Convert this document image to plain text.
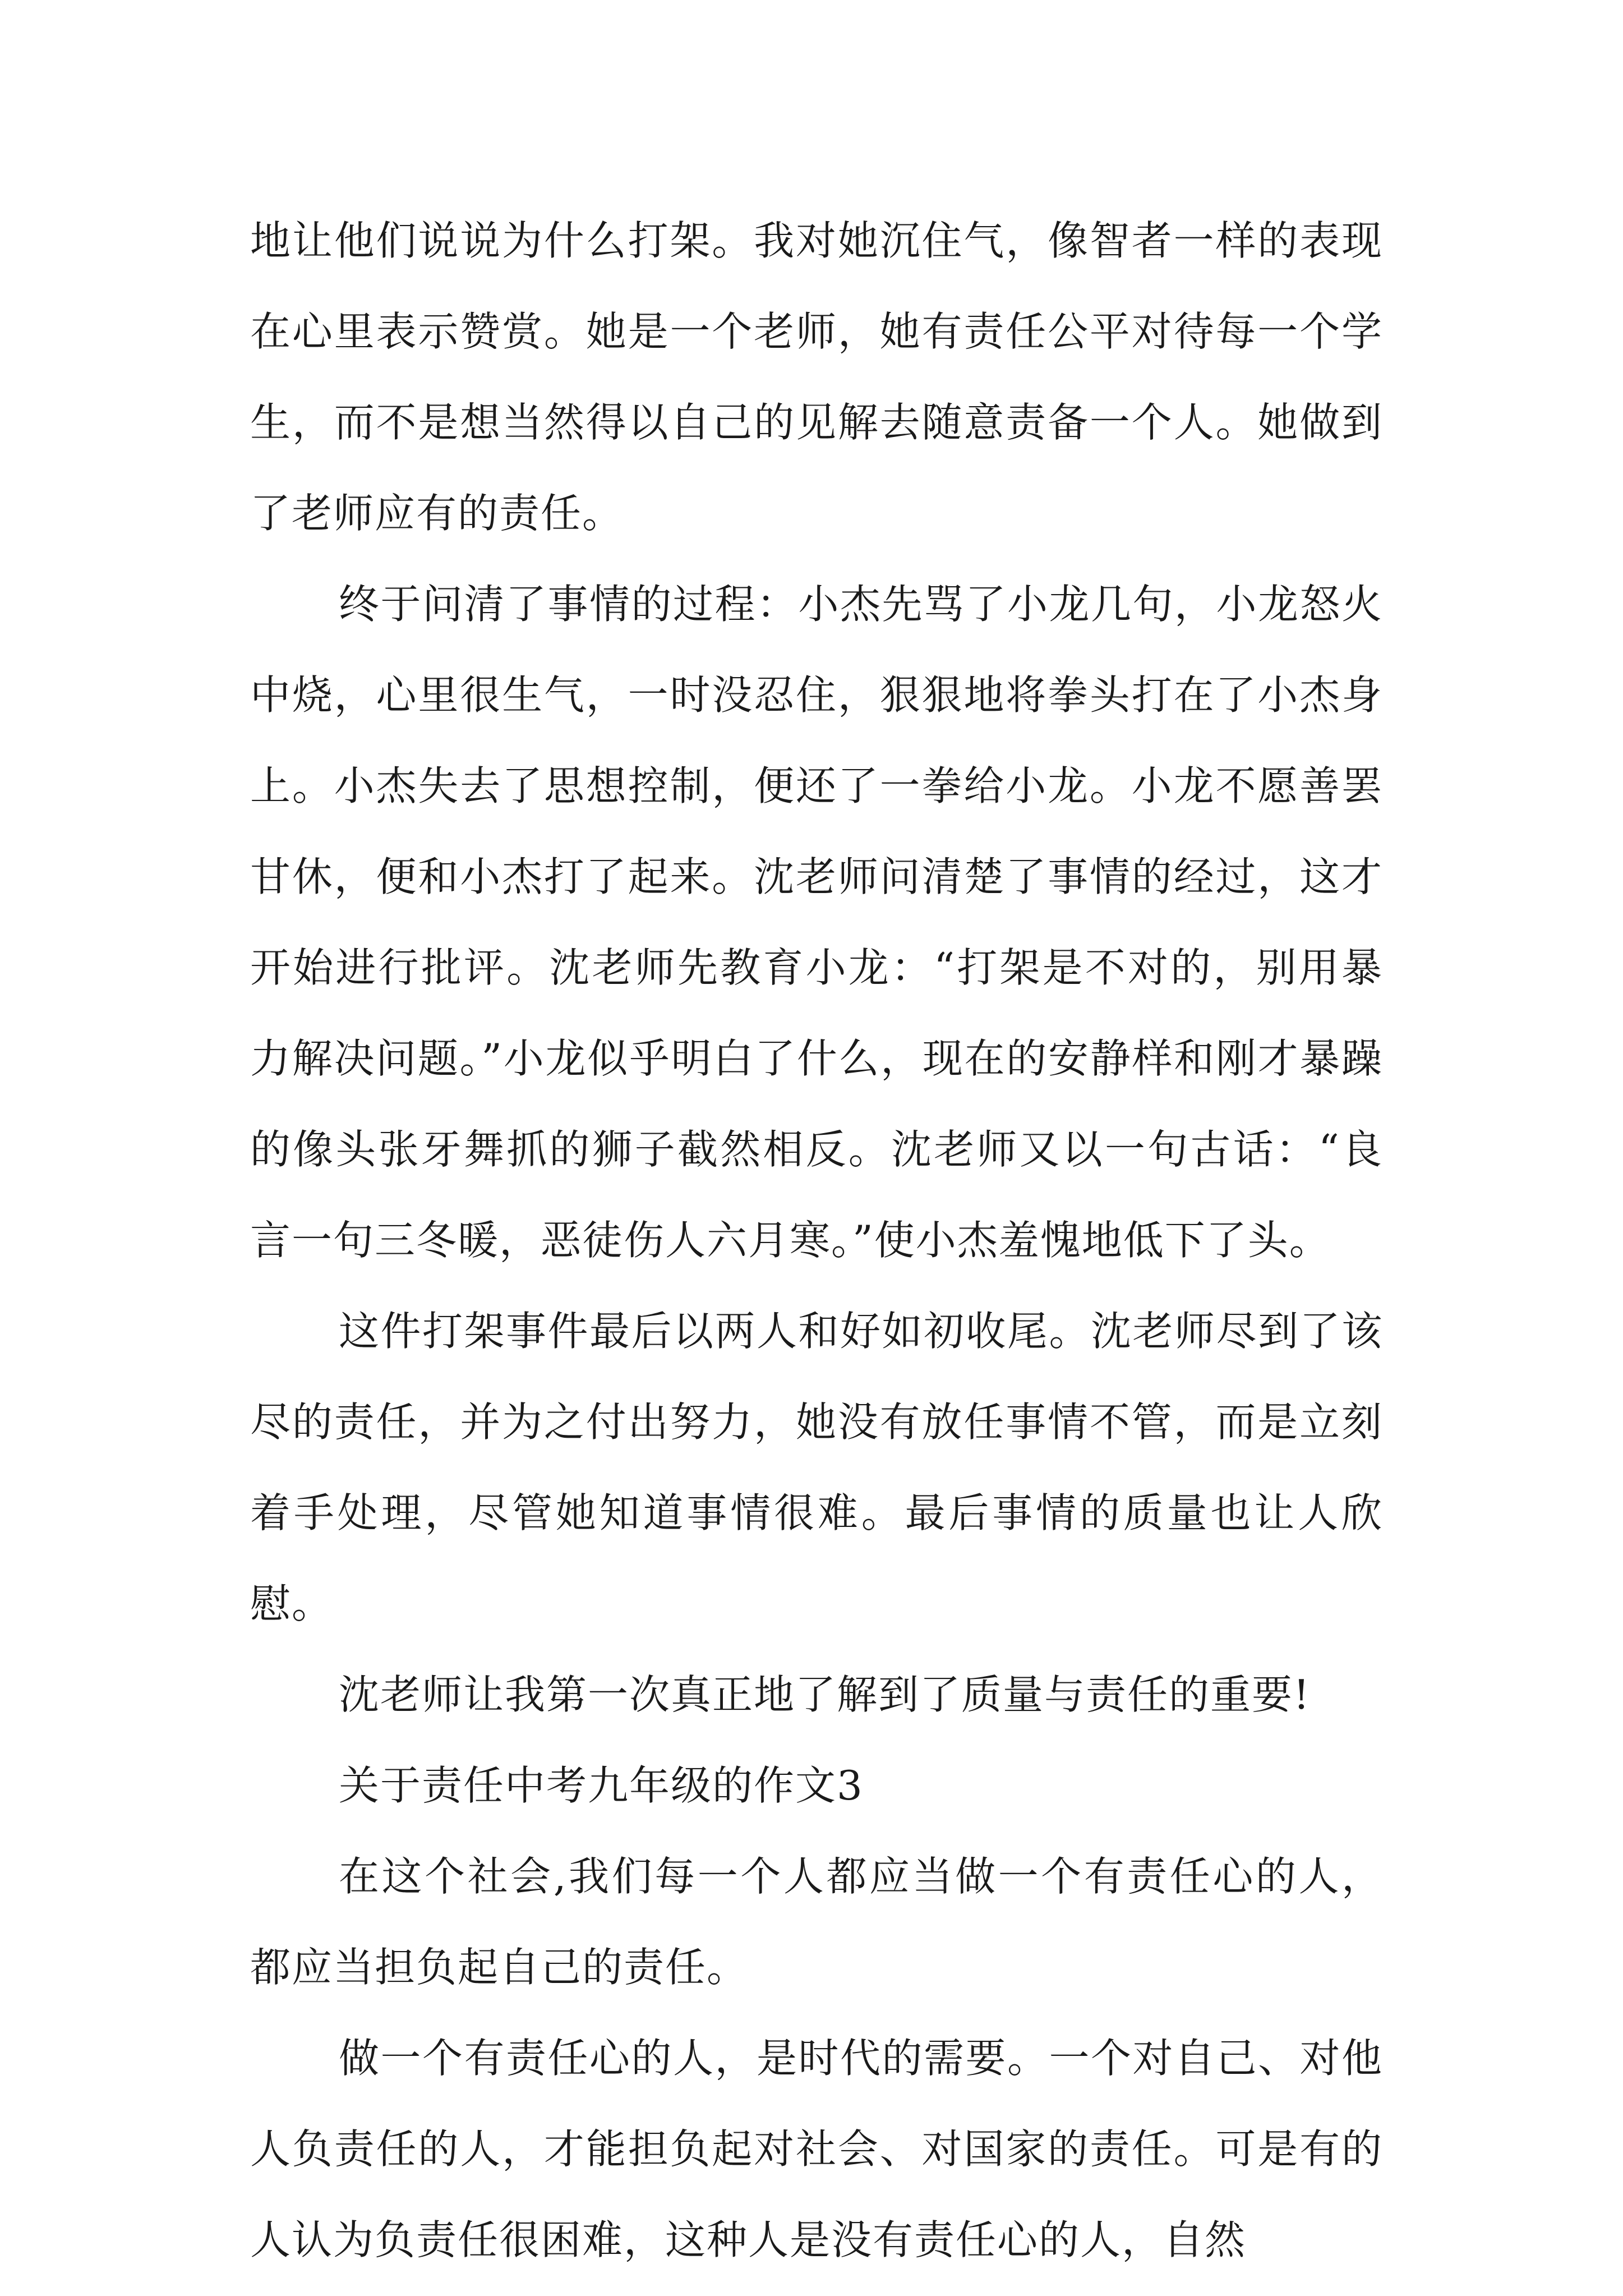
地让他们说说为什么打架。我对她沉住气，像智者一样的表现在心里表示赞赏。她是一个老师，她有责任公平对待每一个学生，而不是想当然得以自己的见解去随意责备一个人。她做到了老师应有的责任。

终于问清了事情的过程：小杰先骂了小龙几句，小龙怒火中烧，心里很生气，一时没忍住，狠狠地将拳头打在了小杰身上。小杰失去了思想控制，便还了一拳给小龙。小龙不愿善罢甘休，便和小杰打了起来。沈老师问清楚了事情的经过，这才开始进行批评。沈老师先教育小龙：“打架是不对的，别用暴力解决问题。”小龙似乎明白了什么，现在的安静样和刚才暴躁的像头张牙舞抓的狮子截然相反。沈老师又以一句古话：“良言一句三冬暖，恶徒伤人六月寒。”使小杰羞愧地低下了头。

这件打架事件最后以两人和好如初收尾。沈老师尽到了该尽的责任，并为之付出努力，她没有放任事情不管，而是立刻着手处理，尽管她知道事情很难。最后事情的质量也让人欣慰。

沈老师让我第一次真正地了解到了质量与责任的重要!

关于责任中考九年级的作文3

在这个社会,我们每一个人都应当做一个有责任心的人，都应当担负起自己的责任。

做一个有责任心的人，是时代的需要。一个对自己、对他人负责任的人，才能担负起对社会、对国家的责任。可是有的人认为负责任很困难，这种人是没有责任心的人，自然
